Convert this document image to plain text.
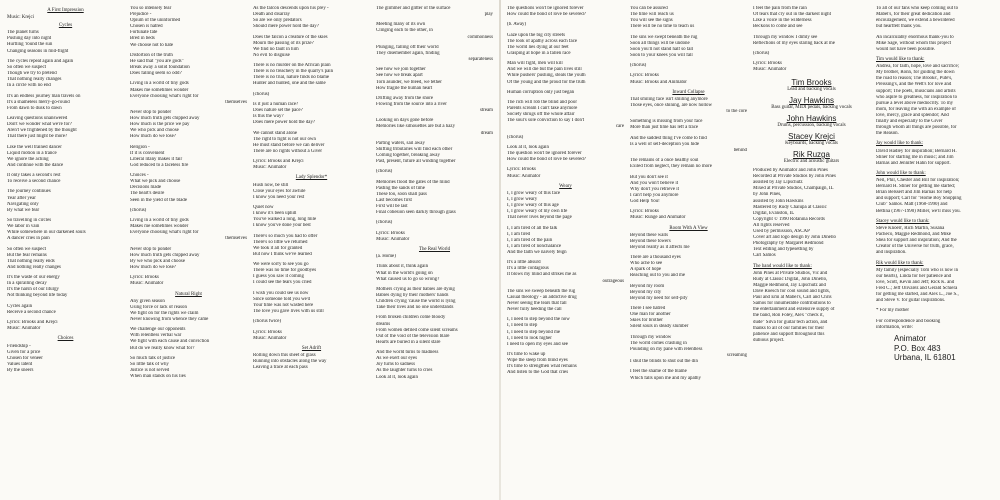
A First Impression
Music: Krejci
Cycles
The planet turns
Pushing day into night
Hurtling 'round the sun
Changing seasons in mid-flight
The cycles repeat again and again
So often we suspect
Though we try to pretend
That nothing really changes
In a circle with no end
It's an endless journey man travels on
It's a shameless merry-go-round
From dawn to dusk to dawn
Leaving questions unanswered
Don't we wonder what we're for?
Aren't we frightened by the thought
That there just might be more?
Like the well trained dancer
Liquid motion in a trance
We ignore the aching
And continue with the dance
It only takes a second's rest
To receive a second chance
The journey continues
Year after year
Navigating only
By what we fear
So travelling in circles
We labor in vain
While somewhere in our darkened souls
A dancer cries in pain
So often we suspect
But the fear remains
That nothing really ends
And nothing really changes
It's the waste of our energy
In a spiralling decay
It's the harsh of our liturgy
Not thinking beyond life today
Cycles again
Receive a second chance
Lyrics: Brooks and Krejci
Music: Animator
Choices
Friendship -
Given for a price
Chosen for veneer
Values latent
By the sneers
You so intensely fear
Prejudice -
Opium of the uninformed
Chosen is hatred
Fortunate fate
Bred in beds
We choose not to hate
Distortion of the truth
He said that "you are gods"
Break away a solid foundation
Does falling seem so odd?
Living in a world of tiny gods
Makes me sometimes wonder
Everyone choosing what's right for
themselves
Never stop to ponder
How much truth gets chipped away
How much is the price we pay
We who pick and choose
How much do we lose?
Religion -
If it is convenient
Liberal litany makes it fair
God reduced to a faceless fire
Choices -
What we pick and choose
Decisions made
The heart's desire
Seen in the yield of the blade
(chorus)
Living in a world of tiny gods
Makes me sometimes wonder
Everyone choosing what's right for
themselves
Never stop to ponder
How much truth gets chipped away
By we who pick and choose
How much do we lose?
Lyrics: Brooks
Music: Animator
Natural Right
Any given season
Using force or lack of reason
We fight on for the rights we claim
Never knowing from whence they came
We challenge our opponents
With relentless verbal war
We fight with each cause and conviction
But do we really know what for?
So much talk of justice
So little talk of why
Justice is not served
When man stands on his lies
As the falcon descends upon his prey -
Death and disarray
So are we only predators
Should mere power hold the day?
Does the falcon a creature of the skies
Mourn the passing of its prize?
We find no fault in him
No evil to disguise
There is no murder on the African plain
There is no treachery in the quarry's pain
There is no trial, nature finds no blame
Hunter and hunted, one and the same
(chorus)
Is it just a human race?
Does nature set the pace?
Is this the way?
Does mere power hold the day?
We cannot stand alone
The right to fight is not our own
He must stand before we can deliver
There are no rights without a Giver
Lyrics: Brooks and Krejci
Music: Animator
Lady Splendor*
Hush now, be still
Close your eyes for awhile
I know you need your rest
Quiet now
I know it's been uphill
You've walked a long, long mile
I know you've done your best
There's so much you had to offer
There's so little we returned
We took it all for granted
But now I think we've learned
We were sorry to see you go
There was no time for goodbyes
I guess you saw it coming
I could see the tears you cried
I wish you could see us now
Since someone told you we'd
Your time was not wasted here
The love you gave lives with us still
(chorus twice)
Lyrics: Brooks
Music: Animator
Set Adrift
Rolling down this sheet of glass
Running into obstacles along the way
Leaving a trace at each pass
The glimmer and glitter of the surface
play
Meeting many of its own
Clinging each to the other, in
commonness
Plunging, falling off their world
They disemember again, finding
separateness
See how we join together
See how we break apart
Torn asunder, we bleed, we tether
How fragile the human heart
Drifting away from the shore
Flowing from the source into a river
stream
Looking on days gone before
Memories like silhouettes are but a hazy
dream
Parting waters, sail away
Shifting tributaries will find each other
Coming together, breaking away
Past, present, future all winding together
(chorus)
Memories flood the gates of the mind
Pasting the sands of time
These too, soon shall pass
Last becomes first
First will be last
Final cohesion seen darkly through glass
(chorus)
Lyrics: Brooks
Music: Animator
The Real World
(a. Home)
Think about it, think again
What in the world's going on
What caused us to go so wrong?
Mothers crying as their babies are dying
Babies dying by their mothers' hands
Children crying 'cause the world is lying
Take their lives and no one understands
From broken children come bloody
dreams
From women defiled come silent screams
Out of the void of the television blare
Hearts are buried in a silent stare
And the world turns to madness
As we exert our eyes
Joy turns to sadness
As the laughter turns to cries
Look at it, look again
The questions won't be ignored forever
How could the bond of love be severed?
(b. Away)
Gaze upon the big city streets
The look of apathy across each face
The world lies dying at our feet
Grasping at hope in a fallen race
Man will fight, men will kill
And we will die but the pain lives still
While pushers' pushing, steals the youth
Of the young and the proud for the truth
Human corruption only just began
The rich will rob the blind and poor
Parents scream I can't take anymore
Society shrugs off the whole affair
The soul's sole conviction to say I don't
care
(chorus)
Look at it, look again
The question won't be ignored forever
How could the bond of love be severed?
Lyrics: Brooks
Music: Animator
Weary
I, I grow weary of this face
I, I grow weary
I, I grow weary of this age
I, I grow weary of my own life
That never lives beyond the page
I, I am tired of all the talk
I, I am tired
I, I am tired of the pain
I, I am tired of nonchalance
And the faith we naively feign
It's a little absurd
It's a little contagious
It blows my mind and strikes me as
outrageous
The sins we sweep beneath the rug
Casual theology - an addictive drug
Never seeing the tears that fall
Never fully heeding the call
I, I need to step beyond the now
I, I need to step
I, I need to step beyond me
I, I need to look higher
I need to open my eyes and see
It's time to wake up
Wipe the sleep from blind eyes
It's time to strengthen what remains
And listen to the God that cries
You can be assured
The time will reach us
You will see the signs
There will be no time to teach us
The sins we swept beneath the rug
Soon all things will be undone
Soon you'll not stand half so tall
Soon to your knees you will fall
(chorus)
Lyrics: Brooks
Music: Brooks and Animator
Inward Collapse
That smiling face isn't smiling anymore
Those eyes, once shining, are now hollow
to the core
Something is missing from your face
More than just time has left a trace
And the saddest thing I've come to find
Is a well of self-deception you hide
behind
The remains of a once healthy soul
Exiled from neglect, they remain no more
But you don't see it
And you won't believe it
Why don't you retrieve it
I can't help you anymore
God Help You!
Lyrics: Brooks
Music: Runge and Animator
Room With A View
Beyond these walls
Beyond these towers
Beyond reality as it affects me
There are a thousand eyes
Who ache to see
A spark of hope
Reaching out to you and me
Beyond my room
Beyond my city
Beyond my need for self-pity
There I see hatred
One man for another
Skies for brother
Silent souls in steady slumber
Through my window
The world comes crashing in
Pounding on my pane with relentless
screaming
I shut the blinds to shut out the din
I feel the shame of the blame
Which falls upon me and my apathy
I feel the pain from the rain
Of tears that cry out in the darkest night
Like a voice in the wilderness
Beckons to come and see
Through my window I dimly see
Reflections of my eyes staring back at me
(chorus)
Lyrics: Brooks
Music: Animator
Tim Brooks
Lead and backing vocals
Jay Hawkins
Bass guitar, MIDI pedals, backing vocals
John Hawkins
Drums, percussion, backing vocals
Stacey Krejci
Keyboards, backing vocals
Rik Ruzga
Electric and acoustic guitars
Produced by Animator and John Pines
Recorded at Private Studios by John Pines
assisted by Jay Lipschutz
Mixed at Private Studios, Champaign, IL
by John Pines,
assisted by John Hawkins
Mastered by Rudy Chalupa at Classic
Digital, Evanston, IL
Copyright © 1990 Rotanina Records
All rights reserved
Used by permission, ASCAP
Cover art and logo design by John Dinello
Photography by Margaret Redmond
Text editing and typesetting by
Carl Samos
The band would like to thank:
John Pines at Private Studios, Vic and
Rudy at Classic Digital, John Dinello,
Maggie Redmond, Jay Lipschutz and
Dave Roesch for cool sound and lights,
Paul and Emi at Mabel's, Carl and Chris
Samos for innumerable contributions to
the entertainment and extensive supply of
the band, Ron Foley, Alex "check it,
dude" Silva for guitar tech action, and
thanks to all of our families for their
patience and support throughout this
dubious project.
To all of our fans who keep coming out to
Mabel's, for their great dedication and
encouragement, we extend a bewildered
but heartfelt thank you.
An incalculably enormous thank-you to
Mike Sage, without whom this project
would not have been possible.
Tim would like to thank:
Andrea, for faith, hope, love and sacrifice;
My brother, Ronn, for guiding the down
the road to reason; The Brooks', Pute's,
Preissing's, and the Wett's for love and
support; The poets, musicians and artists
who aspire to greatness, for inspiration to
pursue a level above mediocrity. To my
mom, for leaving me with an example of
love, mercy, grace and splendor; And
finally and especially to the Giver
through whom all things are possible, for
the Reason.
Jay would like to thank:
David Hadley for inspiration; Bernard H.
Stiner for starting me in music; and Jim
Barnas and Jennifer Hahn for support.
John would like to thank:
Neil, Phil, Chester and Bill for inspiration;
Bernard H. Stiner for getting me started;
Brian Belssert and Jim Barnas for help
and support; Carl for "Home Boy Shopping
Club" Samos. Matt (1968-1990) and
Bettina (1967-1990) Miller, we'll miss you.
Stacey would like to thank:
Steve Knoerr, Rich Martin, Susana
Pacheco, Maggie Redmond, and Mike
Shea for support and inspiration; And the
Creator of the Universe for truth, grace,
and inspiration.
Rik would like to thank:
My family (especially Tom who is now in
our hearts), Linda for her patience and
love, Scott, Kevin and Jeff; Rick K. and
Fred C.; Jeff Olivarez and Gerald Schiera
for getting me started, and Alex L., Joe S.,
and Steve V. for guitar inspirations.
* For my mother
For correspondence and booking
information, write:
Animator
P.O. Box 483
Urbana, IL 61801
